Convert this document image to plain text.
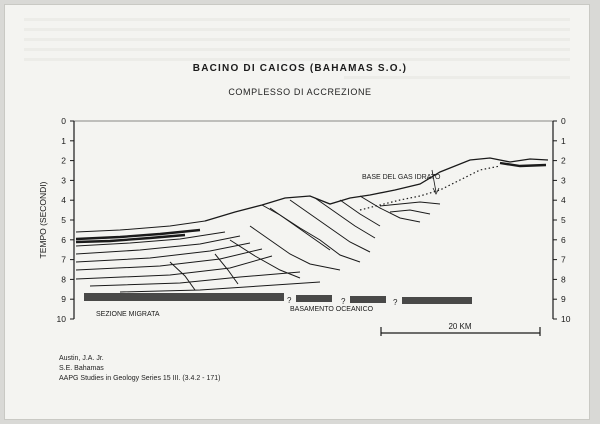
BACINO DI CAICOS (BAHAMAS S.O.)
COMPLESSO DI ACCREZIONE
0
1
2
3
4
5
6
7
8
9
10
0
1
2
3
4
5
6
7
8
9
10
TEMPO (SECONDI)
BASE DEL GAS IDRATO
SEZIONE MIGRATA
BASAMENTO OCEANICO
?	?	?
20 KM
Austin, J.A. Jr.
S.E. Bahamas
AAPG Studies in Geology Series 15 III. (3.4.2 - 171)
